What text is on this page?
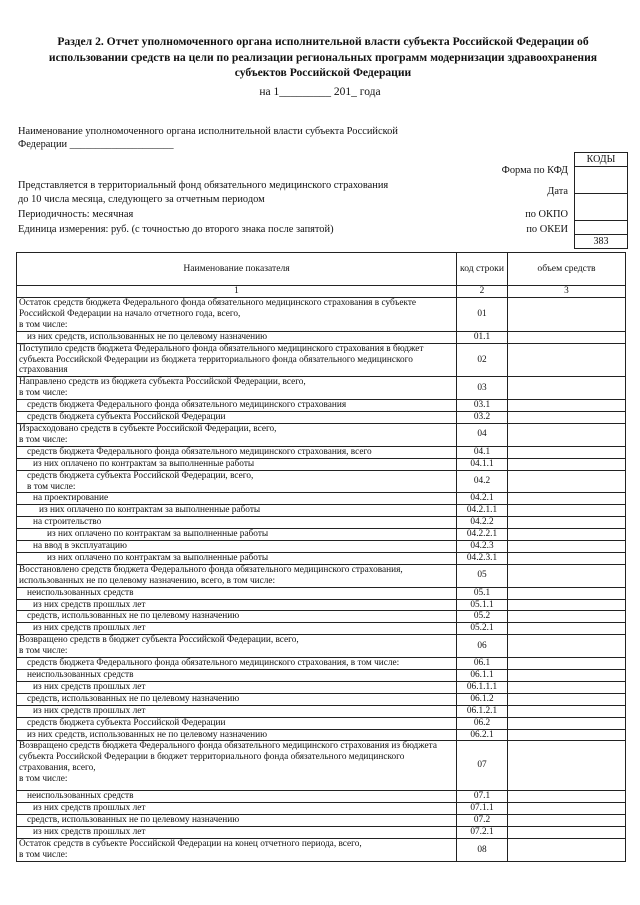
Раздел 2. Отчет уполномоченного органа исполнительной власти субъекта Российской Федерации об
использовании средств на цели по реализации региональных программ модернизации здравоохранения
субъектов Российской Федерации
на 1_________ 201_ года
Наименование уполномоченного органа исполнительной власти субъекта Российской
Федерации ____________________
Представляется в территориальный фонд обязательного медицинского страхования
до 10 числа месяца, следующего за отчетным периодом
Периодичность: месячная
Единица измерения: руб. (с точностью до второго знака после запятой)
Форма по КФД
Дата
по ОКПО
по ОКЕИ
КОДЫ

383
Наименование показателя	код строки	объем средств
1	2	3
Остаток средств бюджета Федерального фонда обязательного медицинского страхования в субъекте Российской Федерации на начало отчетного года, всего,
в том числе:	01	
из них средств, использованных не по целевому назначению	01.1	
Поступило средств бюджета Федерального фонда обязательного медицинского страхования в бюджет субъекта Российской Федерации из бюджета территориального фонда обязательного медицинского страхования	02	
Направлено средств из бюджета субъекта Российской Федерации, всего,
в том числе:	03	
средств бюджета Федерального фонда обязательного медицинского страхования	03.1	
средств бюджета субъекта Российской Федерации	03.2	
Израсходовано средств в субъекте Российской Федерации, всего,
в том числе:	04	
средств бюджета Федерального фонда обязательного медицинского страхования, всего	04.1	
из них оплачено по контрактам за выполненные работы	04.1.1	
средств бюджета субъекта Российской Федерации, всего,
в том числе:	04.2	
на проектирование	04.2.1	
из них оплачено по контрактам за выполненные работы	04.2.1.1	
на строительство	04.2.2	
из них оплачено по контрактам за выполненные работы	04.2.2.1	
на ввод в эксплуатацию	04.2.3	
из них оплачено по контрактам за выполненные работы	04.2.3.1	
Восстановлено средств бюджета Федерального фонда обязательного медицинского страхования, использованных не по целевому назначению, всего, в том числе:	05	
неиспользованных средств	05.1	
из них средств прошлых лет	05.1.1	
средств, использованных не по целевому назначению	05.2	
из них средств прошлых лет	05.2.1	
Возвращено средств в бюджет субъекта Российской Федерации, всего,
в том числе:	06	
средств бюджета Федерального фонда обязательного медицинского страхования, в том числе:	06.1	
неиспользованных средств	06.1.1	
из них средств прошлых лет	06.1.1.1	
средств, использованных не по целевому назначению	06.1.2	
из них средств прошлых лет	06.1.2.1	
средств бюджета субъекта Российской Федерации	06.2	
из них средств, использованных не по целевому назначению	06.2.1	
Возвращено средств бюджета Федерального фонда обязательного медицинского страхования из бюджета субъекта Российской Федерации в бюджет территориального фонда обязательного медицинского страхования, всего,
в том числе:	07	
неиспользованных средств	07.1	
из них средств прошлых лет	07.1.1	
средств, использованных не по целевому назначению	07.2	
из них средств прошлых лет	07.2.1	
Остаток средств в субъекте Российской Федерации на конец отчетного периода, всего,
в том числе:	08	
